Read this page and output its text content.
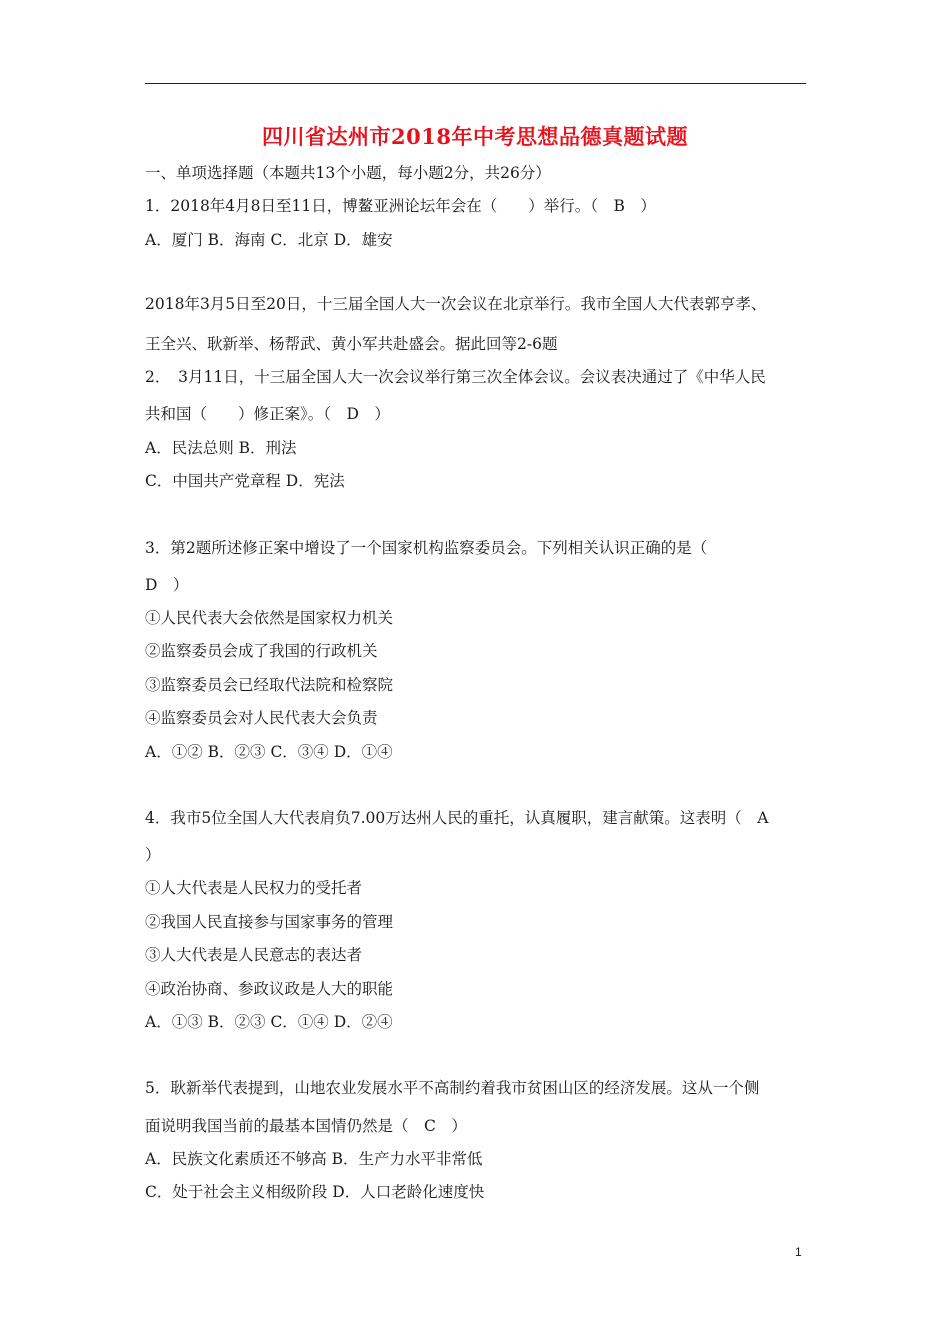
四川省达州市2018年中考思想品德真题试题
一、单项选择题（本题共13个小题，每小题2分，共26分）
1．2018年4月8日至11日，博鳌亚洲论坛年会在（　　）举行。（　B　）
A．厦门 B．海南 C．北京 D．雄安
2018年3月5日至20日，十三届全国人大一次会议在北京举行。我市全国人大代表郭亨孝、
王全兴、耿新举、杨帮武、黄小军共赴盛会。据此回等2-6题
2．　3月11日，十三届全国人大一次会议举行第三次全体会议。会议表决通过了《中华人民
共和国（　　）修正案》。（　D　）
A．民法总则 B．刑法
C．中国共产党章程 D．宪法
3．第2题所述修正案中增设了一个国家机构监察委员会。下列相关认识正确的是（
D　）
①人民代表大会依然是国家权力机关
②监察委员会成了我国的行政机关
③监察委员会已经取代法院和检察院
④监察委员会对人民代表大会负责
A．①② B．②③ C．③④ D．①④
4．我市5位全国人大代表肩负7.00万达州人民的重托，认真履职，建言献策。这表明（　A
）
①人大代表是人民权力的受托者
②我国人民直接参与国家事务的管理
③人大代表是人民意志的表达者
④政治协商、参政议政是人大的职能
A．①③ B．②③ C．①④ D．②④
5．耿新举代表提到，山地农业发展水平不高制约着我市贫困山区的经济发展。这从一个侧
面说明我国当前的最基本国情仍然是（　C　）
A．民族文化素质还不够高 B．生产力水平非常低
C．处于社会主义相级阶段 D．人口老龄化速度快
1
